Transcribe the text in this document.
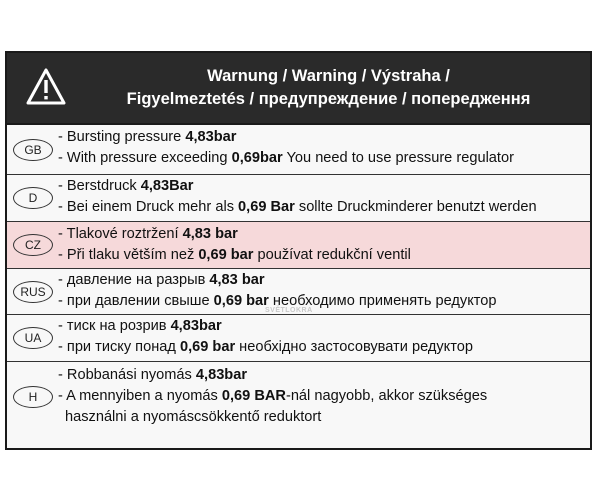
Warnung / Warning / Výstraha /
Figyelmeztetés / предупреждение / попередження
GB
- Bursting pressure 4,83bar
- With pressure exceeding 0,69bar You need to use pressure regulator
D
- Berstdruck 4,83Bar
- Bei einem Druck mehr als 0,69 Bar sollte Druckminderer benutzt werden
CZ
- Tlakové roztržení 4,83 bar
- Při tlaku větším než 0,69 bar používat redukční ventil
RUS
- давление на разрыв 4,83 bar
- при давлении свыше 0,69 bar необходимо применять редуктор
UA
- тиск на розрив 4,83bar
- при тиску понад 0,69 bar необхідно застосовувати редуктор
H
- Robbanási nyomás 4,83bar
- A mennyiben a nyomás 0,69 BAR-nál nagyobb, akkor szükséges
használni a nyomáscsökkentő reduktort
SVĚTLOKRA
